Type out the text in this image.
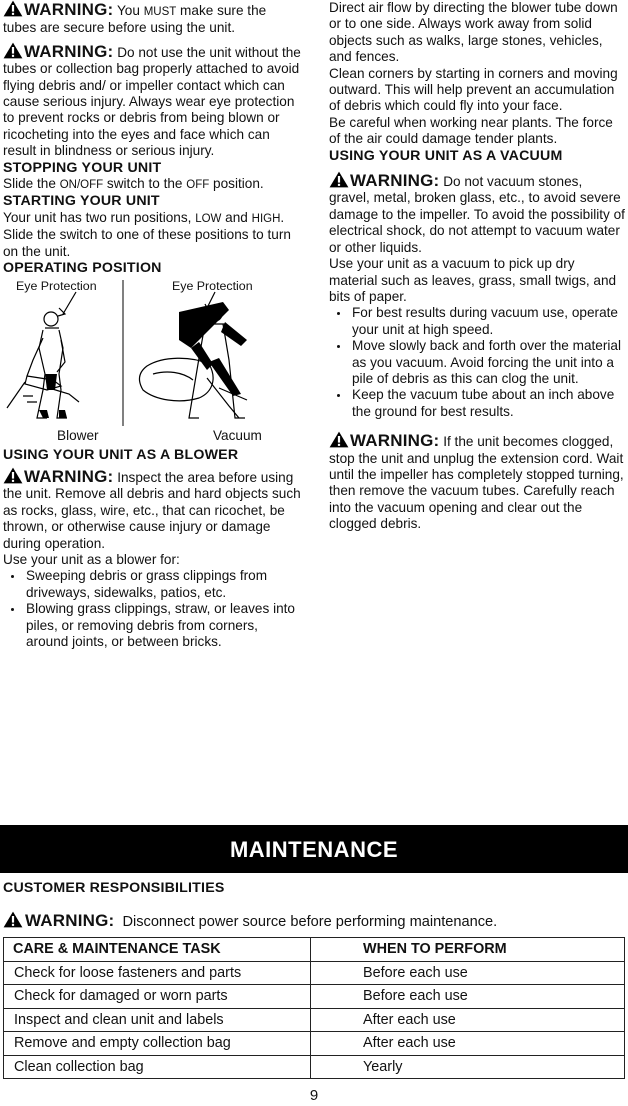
WARNING: You MUST make sure the tubes are secure before using the unit.

WARNING: Do not use the unit without the tubes or collection bag properly attached to avoid flying debris and/ or impeller contact which can cause serious injury. Always wear eye protection to prevent rocks or debris from being blown or ricocheting into the eyes and face which can result in blindness or serious injury.

STOPPING YOUR UNIT

Slide the ON/OFF switch to the OFF position.

STARTING YOUR UNIT

Your unit has two run positions, LOW and HIGH. Slide the switch to one of these positions to turn on the unit.

OPERATING POSITION

Eye Protection	Eye Protection
Blower	Vacuum

USING YOUR UNIT AS A BLOWER

WARNING: Inspect the area before using the unit. Remove all debris and hard objects such as rocks, glass, wire, etc., that can ricochet, be thrown, or otherwise cause injury or damage during operation.

Use your unit as a blower for:

• Sweeping debris or grass clippings from driveways, sidewalks, patios, etc.
• Blowing grass clippings, straw, or leaves into piles, or removing debris from corners, around joints, or between bricks.

Direct air flow by directing the blower tube down or to one side. Always work away from solid objects such as walks, large stones, vehicles, and fences.

Clean corners by starting in corners and moving outward. This will help prevent an accumulation of debris which could fly into your face.

Be careful when working near plants. The force of the air could damage tender plants.

USING YOUR UNIT AS A VACUUM

WARNING: Do not vacuum stones, gravel, metal, broken glass, etc., to avoid severe damage to the impeller. To avoid the possibility of electrical shock, do not attempt to vacuum water or other liquids.

Use your unit as a vacuum to pick up dry material such as leaves, grass, small twigs, and bits of paper.

• For best results during vacuum use, operate your unit at high speed.
• Move slowly back and forth over the material as you vacuum. Avoid forcing the unit into a pile of debris as this can clog the unit.
• Keep the vacuum tube about an inch above the ground for best results.

WARNING: If the unit becomes clogged, stop the unit and unplug the extension cord. Wait until the impeller has completely stopped turning, then remove the vacuum tubes. Carefully reach into the vacuum opening and clear out the clogged debris.

MAINTENANCE
CUSTOMER RESPONSIBILITIES
WARNING: Disconnect power source before performing maintenance.
CARE & MAINTENANCE TASK	WHEN TO PERFORM
Check for loose fasteners and parts	Before each use
Check for damaged or worn parts	Before each use
Inspect and clean unit and labels	After each use
Remove and empty collection bag	After each use
Clean collection bag	Yearly
9
